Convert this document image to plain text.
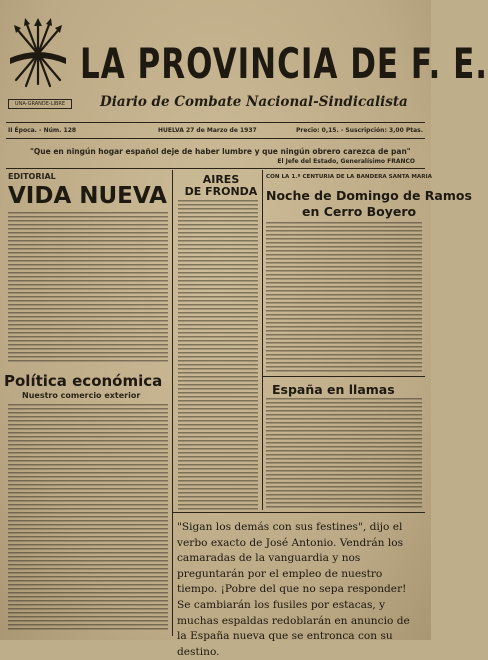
LA PROVINCIA DE F. E.
UNA-GRANDE-LIBRE	Diario de Combate Nacional-Sindicalista
II Época. - Núm. 128	HUELVA 27 de Marzo de 1937	Precio: 0,15. - Suscripción: 3,00 Ptas.
"Que en ningún hogar español deje de haber lumbre y que ningún obrero carezca de pan"
El Jefe del Estado, Generalísimo FRANCO
EDITORIAL
VIDA NUEVA
Política económica
Nuestro comercio exterior
AIRES
DE FRONDA
CON LA 1.ª CENTURIA DE LA BANDERA SANTA MARIA
Noche de Domingo de Ramos
en Cerro Boyero
España en llamas
"Sigan los demás con sus festines", dijo el verbo exacto de José Antonio. Vendrán los camaradas de la vanguardia y nos preguntarán por el empleo de nuestro tiempo. ¡Pobre del que no sepa responder! Se cambiarán los fusiles por estacas, y muchas espaldas redoblarán en anuncio de la España nueva que se entronca con su destino.
